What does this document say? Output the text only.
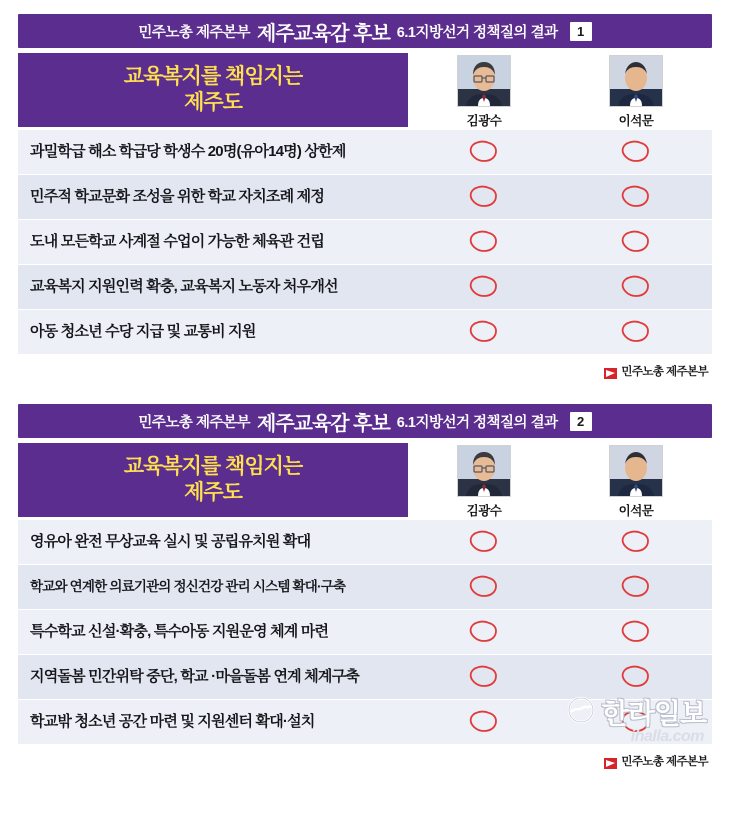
민주노총 제주본부 제주교육감 후보 6.1지방선거 정책질의 결과	1
교육복지를 책임지는
제주도
김광수	이석문
과밀학급 해소 학급당 학생수 20명(유아14명) 상한제
민주적 학교문화 조성을 위한 학교 자치조례 제정
도내 모든학교 사계절 수업이 가능한 체육관 건립
교육복지 지원인력 확충, 교육복지 노동자 처우개선
아동 청소년 수당 지급 및 교통비 지원
민주노총 제주본부
민주노총 제주본부 제주교육감 후보 6.1지방선거 정책질의 결과	2
교육복지를 책임지는
제주도
김광수	이석문
영유아 완전 무상교육 실시 및 공립유치원 확대
학교와 연계한 의료기관의 정신건강 관리 시스템 확대·구축
특수학교 신설·확충, 특수아동 지원운영 체계 마련
지역돌봄 민간위탁 중단, 학교 ·마을돌봄 연계 체계구축
학교밖 청소년 공간 마련 및 지원센터 확대·설치
민주노총 제주본부
한라일보
ihalla.com
